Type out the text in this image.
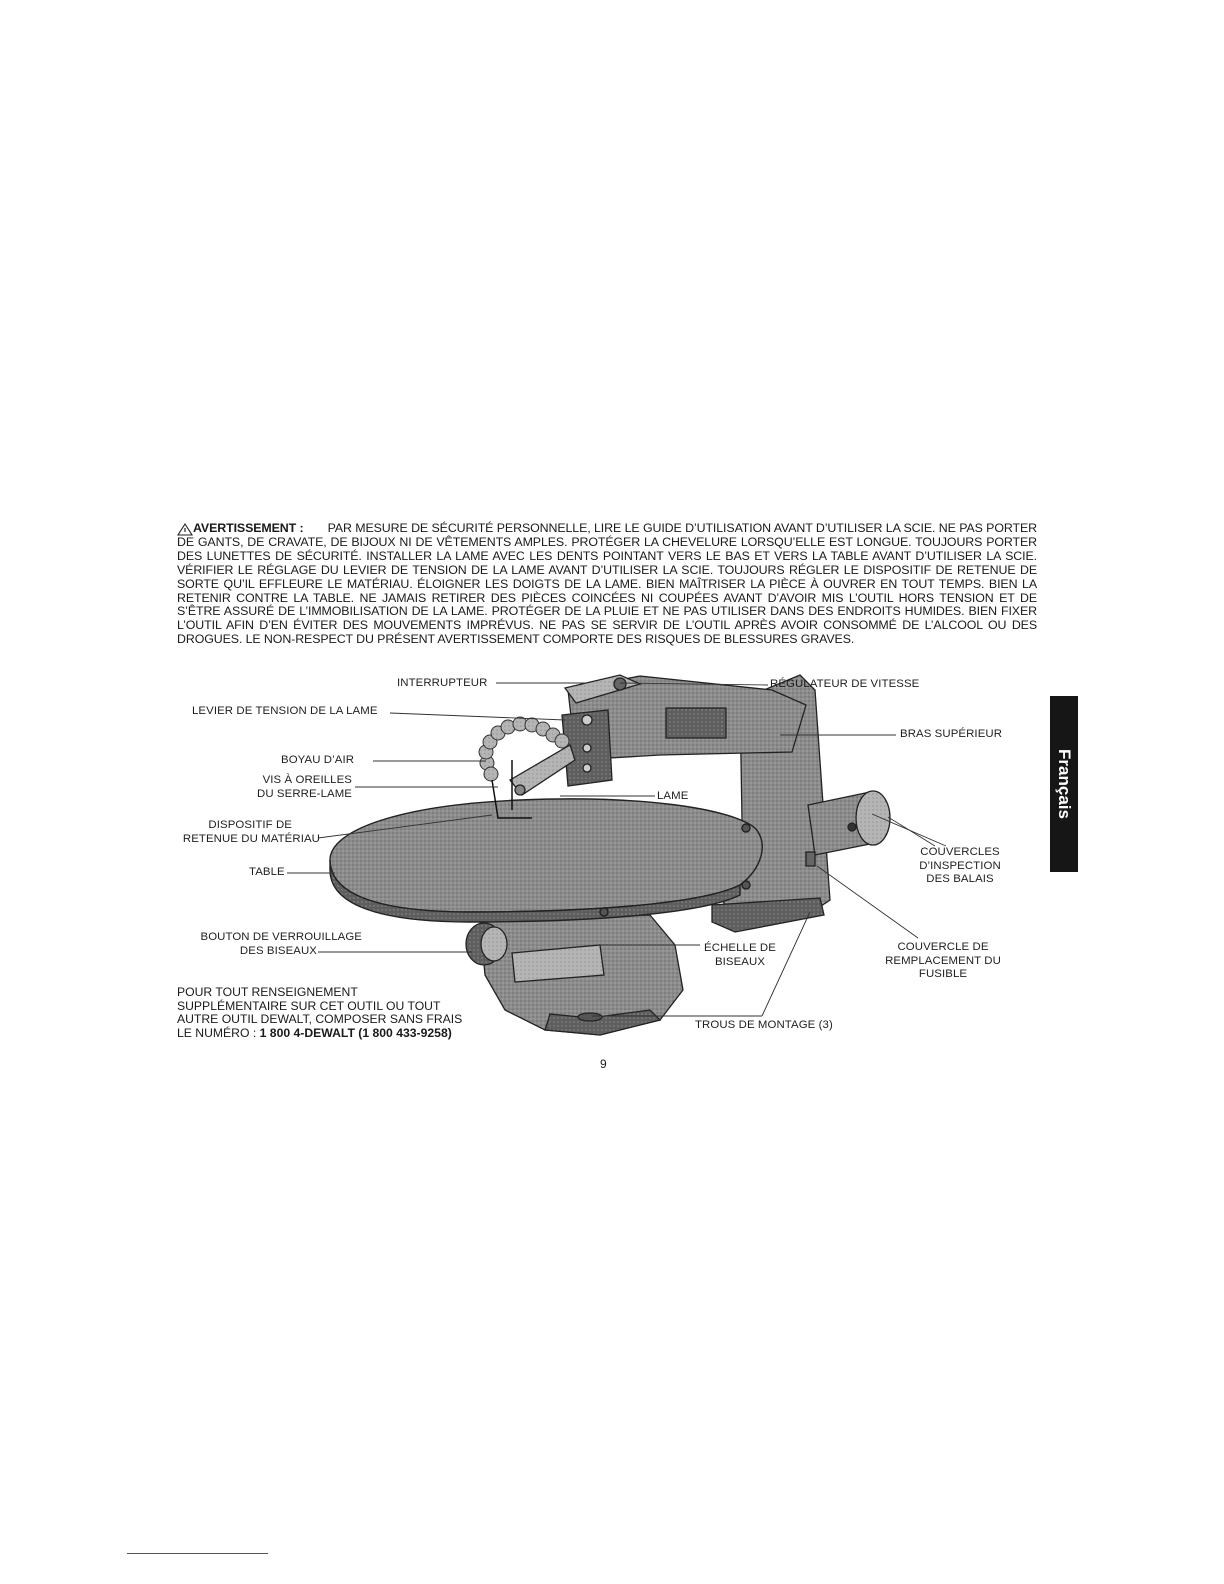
AVERTISSEMENT : PAR MESURE DE SÉCURITÉ PERSONNELLE, LIRE LE GUIDE D’UTILISATION AVANT D’UTILISER LA SCIE. NE PAS PORTER DE GANTS, DE CRAVATE, DE BIJOUX NI DE VÊTEMENTS AMPLES. PROTÉGER LA CHEVELURE LORSQU’ELLE EST LONGUE. TOUJOURS PORTER DES LUNETTES DE SÉCURITÉ. INSTALLER LA LAME AVEC LES DENTS POINTANT VERS LE BAS ET VERS LA TABLE AVANT D’UTILISER LA SCIE. VÉRIFIER LE RÉGLAGE DU LEVIER DE TENSION DE LA LAME AVANT D’UTILISER LA SCIE. TOUJOURS RÉGLER LE DISPOSITIF DE RETENUE DE SORTE QU’IL EFFLEURE LE MATÉRIAU. ÉLOIGNER LES DOIGTS DE LA LAME. BIEN MAÎTRISER LA PIÈCE À OUVRER EN TOUT TEMPS. BIEN LA RETENIR CONTRE LA TABLE. NE JAMAIS RETIRER DES PIÈCES COINCÉES NI COUPÉES AVANT D’AVOIR MIS L’OUTIL HORS TENSION ET DE S’ÊTRE ASSURÉ DE L’IMMOBILISATION DE LA LAME. PROTÉGER DE LA PLUIE ET NE PAS UTILISER DANS DES ENDROITS HUMIDES. BIEN FIXER L’OUTIL AFIN D’EN ÉVITER DES MOUVEMENTS IMPRÉVUS. NE PAS SE SERVIR DE L’OUTIL APRÈS AVOIR CONSOMMÉ DE L’ALCOOL OU DES DROGUES. LE NON-RESPECT DU PRÉSENT AVERTISSEMENT COMPORTE DES RISQUES DE BLESSURES GRAVES.
INTERRUPTEUR	RÉGULATEUR DE VITESSE
LEVIER DE TENSION DE LA LAME
BRAS SUPÉRIEUR
BOYAU D’AIR
VIS À OREILLES
DU SERRE-LAME	LAME
DISPOSITIF DE
RETENUE DU MATÉRIAU
COUVERCLES
D’INSPECTION
DES BALAIS
TABLE
BOUTON DE VERROUILLAGE
DES BISEAUX	ÉCHELLE DE
BISEAUX
COUVERCLE DE
REMPLACEMENT DU
FUSIBLE
TROUS DE MONTAGE (3)
POUR TOUT RENSEIGNEMENT
SUPPLÉMENTAIRE SUR CET OUTIL OU TOUT
AUTRE OUTIL DEWALT, COMPOSER SANS FRAIS
LE NUMÉRO : 1 800 4-DEWALT (1 800 433-9258)
Français
9
